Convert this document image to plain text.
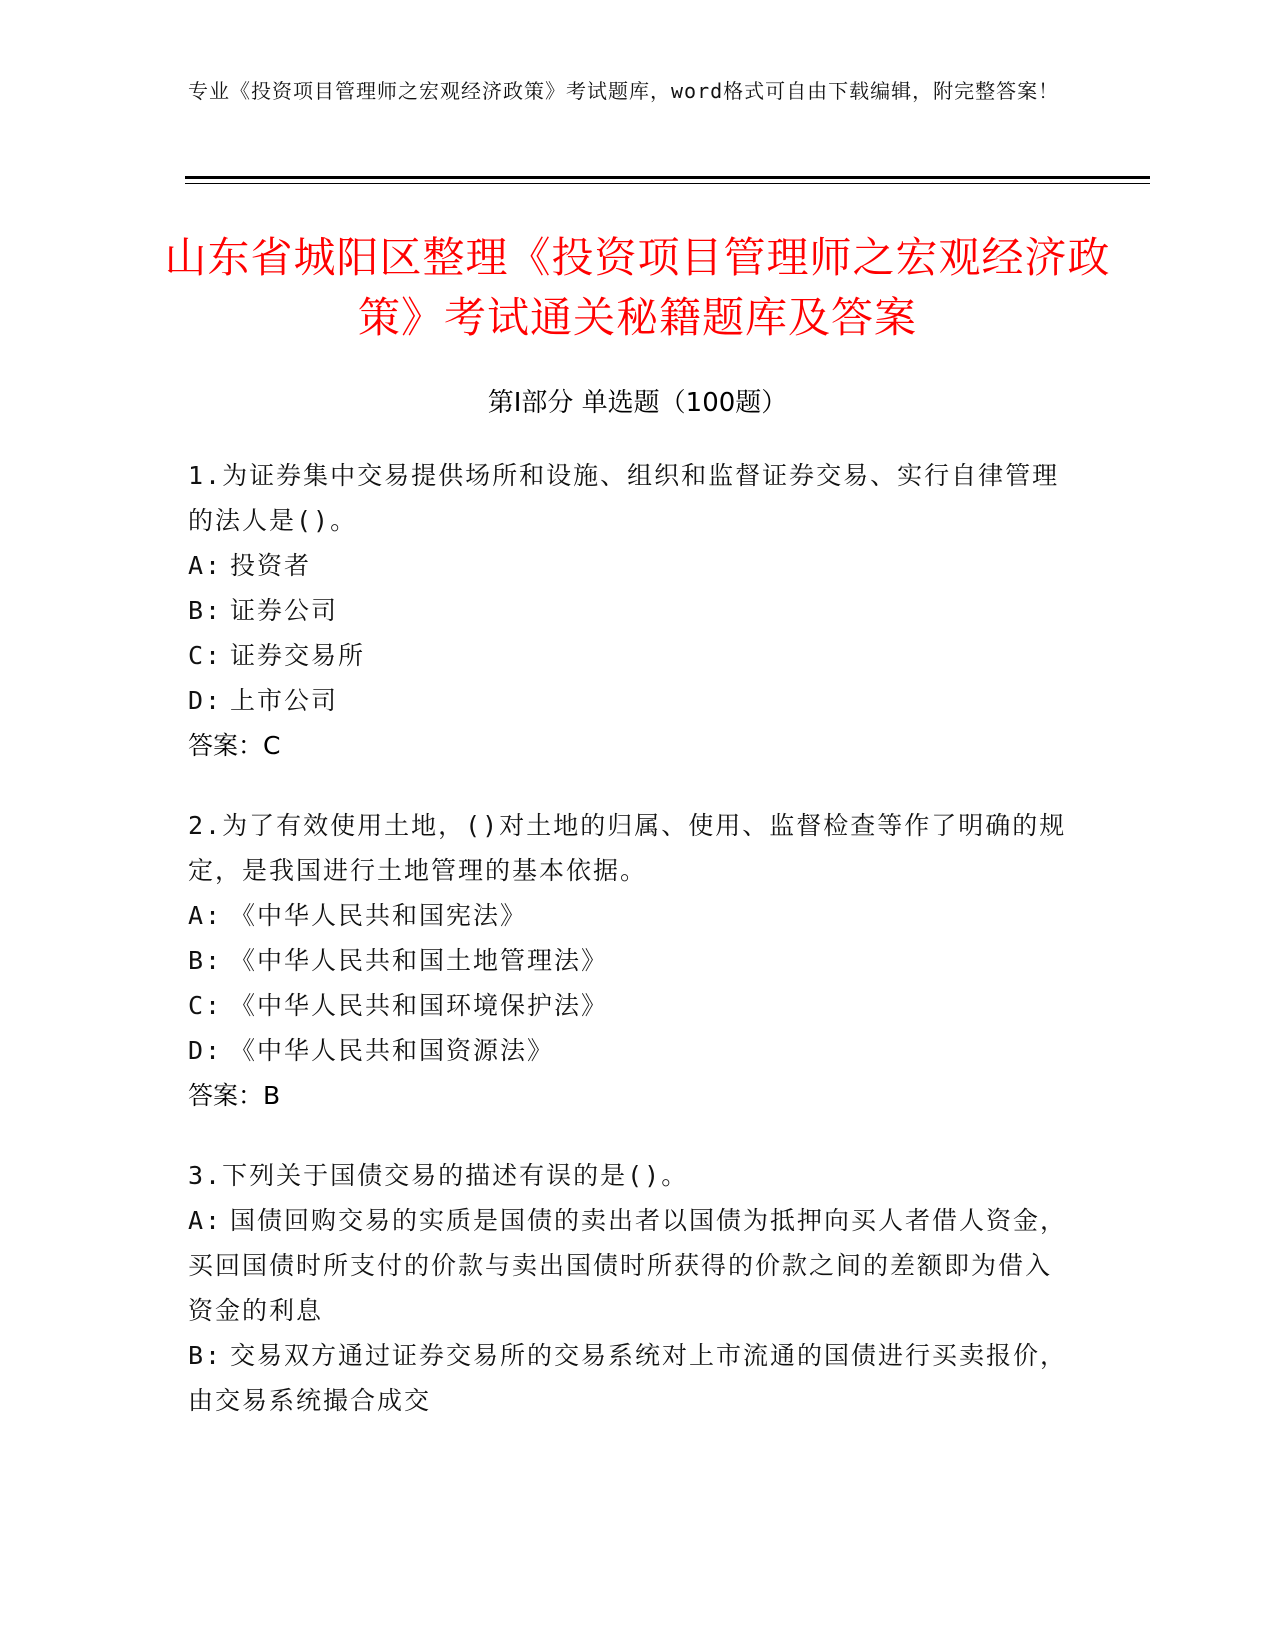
专业《投资项目管理师之宏观经济政策》考试题库，word格式可自由下载编辑，附完整答案！
山东省城阳区整理《投资项目管理师之宏观经济政策》考试通关秘籍题库及答案
第Ⅰ部分 单选题（100题）
1.为证券集中交易提供场所和设施、组织和监督证券交易、实行自律管理的法人是()。
A: 投资者
B: 证券公司
C: 证券交易所
D: 上市公司
答案：C
2.为了有效使用土地，()对土地的归属、使用、监督检查等作了明确的规定，是我国进行土地管理的基本依据。
A: 《中华人民共和国宪法》
B: 《中华人民共和国土地管理法》
C: 《中华人民共和国环境保护法》
D: 《中华人民共和国资源法》
答案：B
3.下列关于国债交易的描述有误的是()。
A: 国债回购交易的实质是国债的卖出者以国债为抵押向买人者借人资金，买回国债时所支付的价款与卖出国债时所获得的价款之间的差额即为借入资金的利息
B: 交易双方通过证券交易所的交易系统对上市流通的国债进行买卖报价，由交易系统撮合成交
